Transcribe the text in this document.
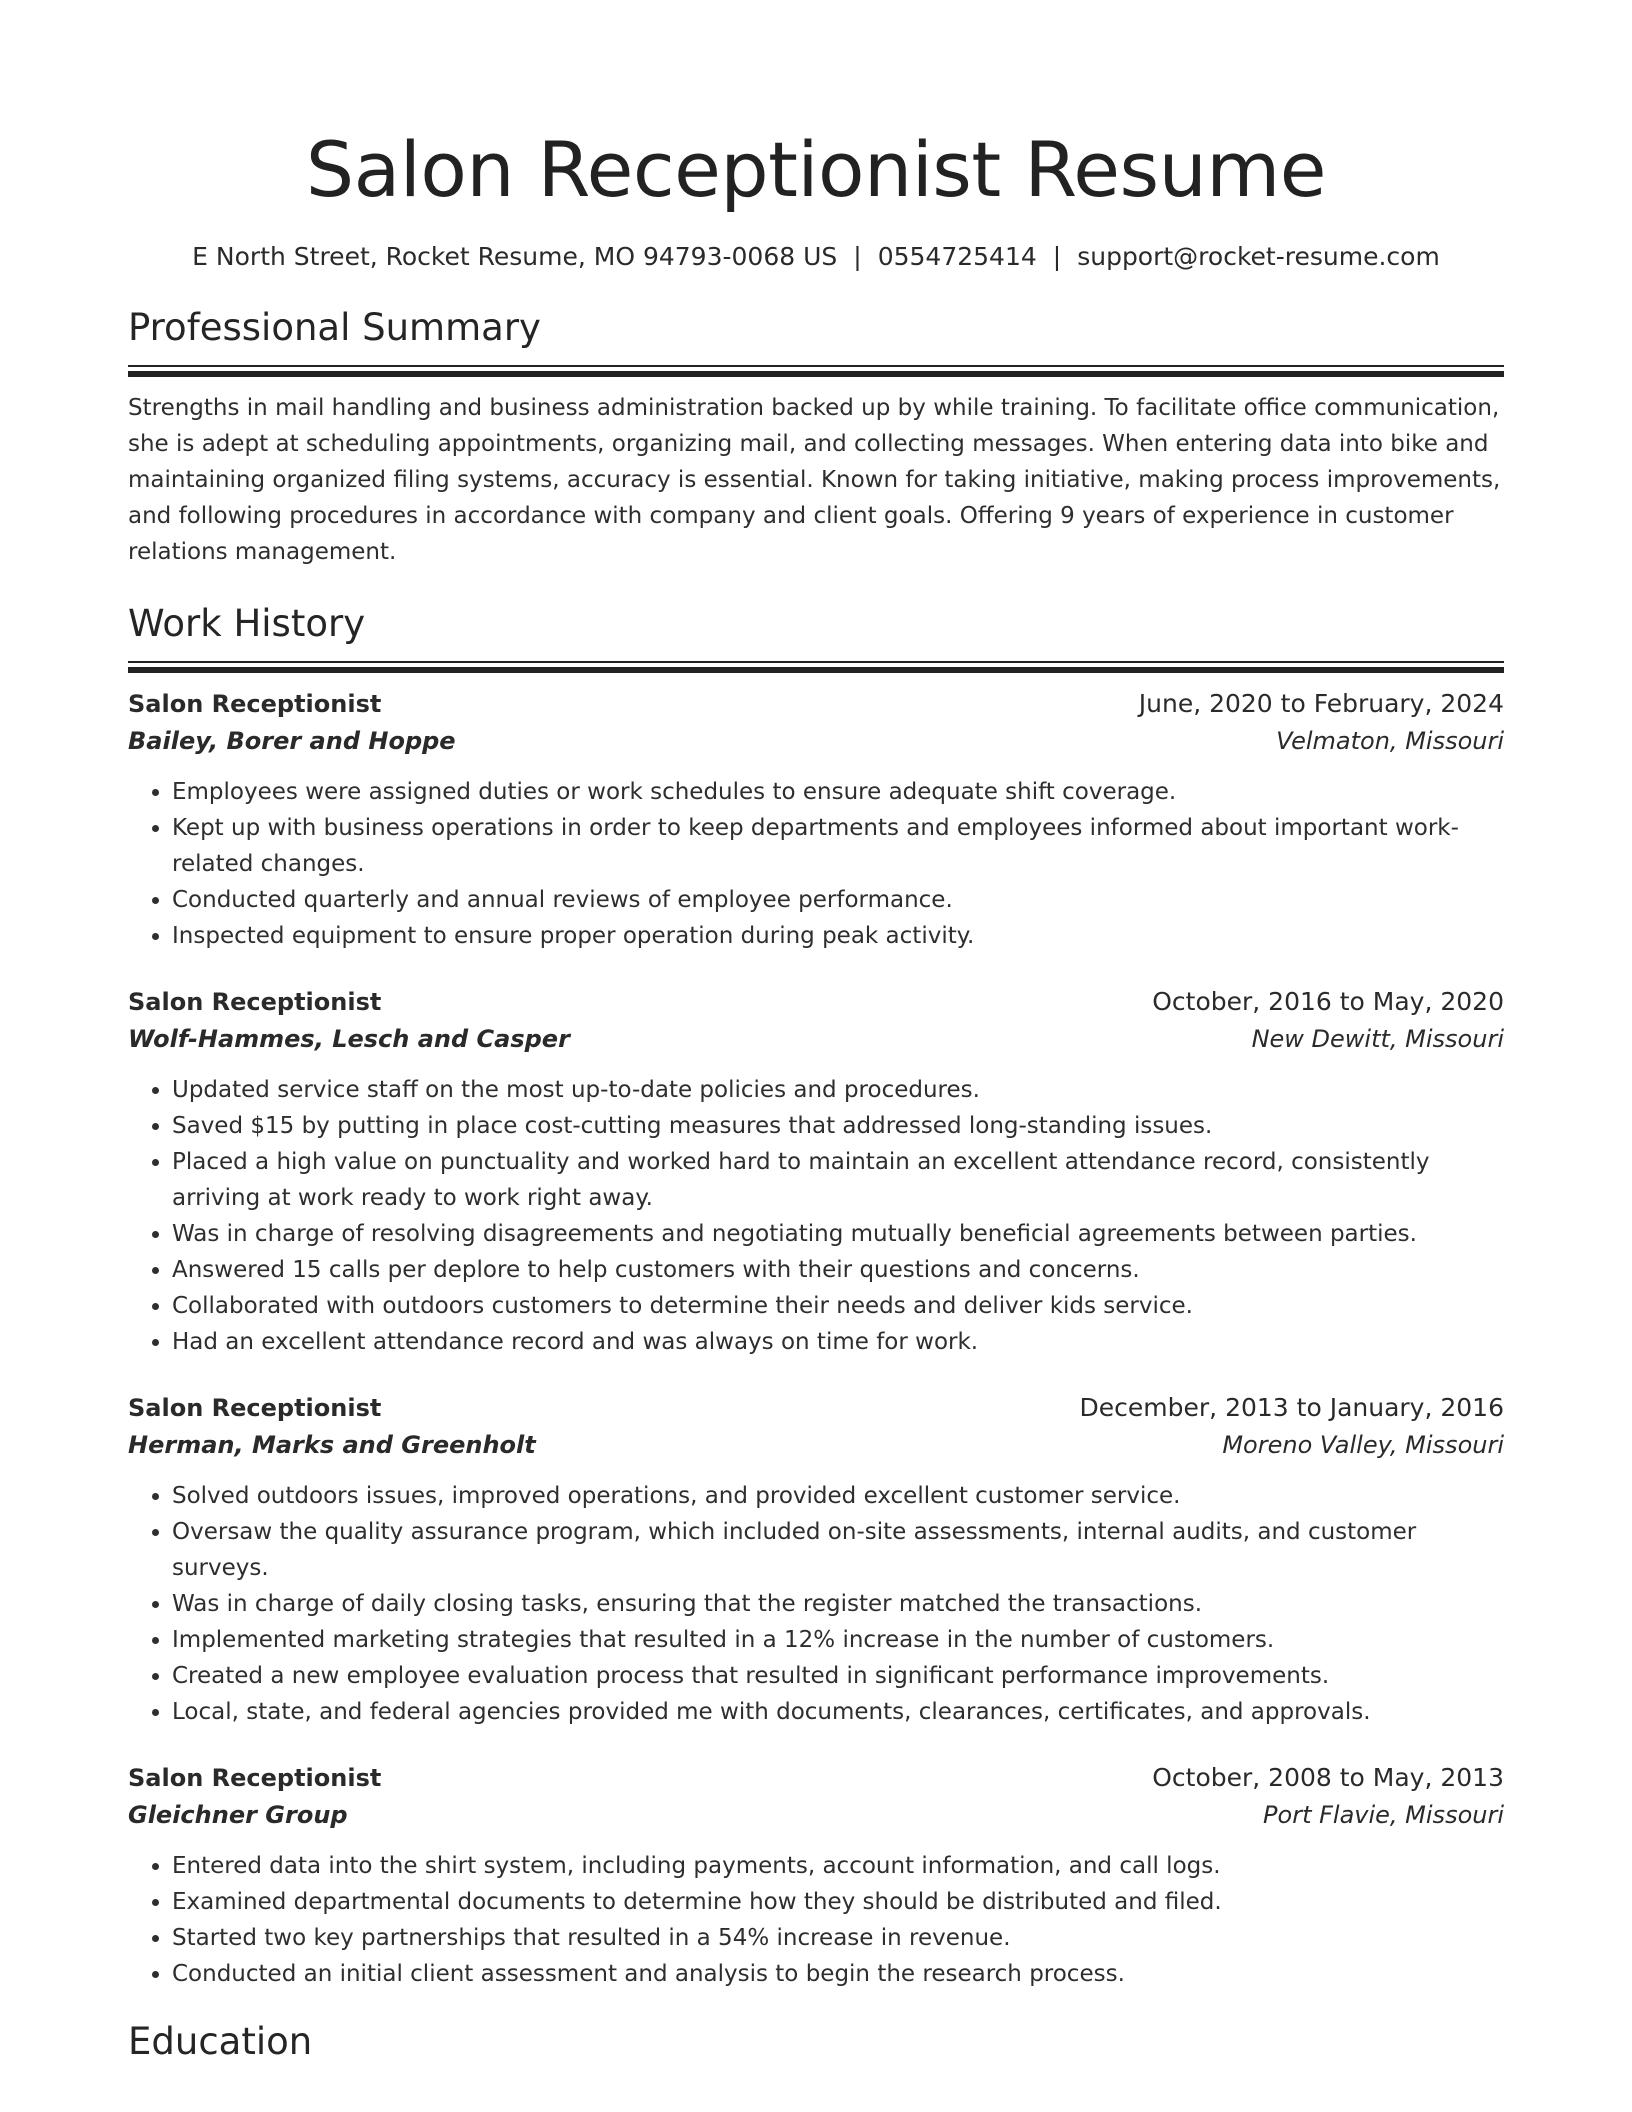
Salon Receptionist Resume
E North Street, Rocket Resume, MO 94793-0068 US | 0554725414 | support@rocket-resume.com
Professional Summary
Strengths in mail handling and business administration backed up by while training. To facilitate office communication, she is adept at scheduling appointments, organizing mail, and collecting messages. When entering data into bike and maintaining organized filing systems, accuracy is essential. Known for taking initiative, making process improvements, and following procedures in accordance with company and client goals. Offering 9 years of experience in customer relations management.
Work History
Salon Receptionist	June, 2020 to February, 2024
Bailey, Borer and Hoppe	Velmaton, Missouri
• Employees were assigned duties or work schedules to ensure adequate shift coverage.
• Kept up with business operations in order to keep departments and employees informed about important work-related changes.
• Conducted quarterly and annual reviews of employee performance.
• Inspected equipment to ensure proper operation during peak activity.
Salon Receptionist	October, 2016 to May, 2020
Wolf-Hammes, Lesch and Casper	New Dewitt, Missouri
• Updated service staff on the most up-to-date policies and procedures.
• Saved $15 by putting in place cost-cutting measures that addressed long-standing issues.
• Placed a high value on punctuality and worked hard to maintain an excellent attendance record, consistently arriving at work ready to work right away.
• Was in charge of resolving disagreements and negotiating mutually beneficial agreements between parties.
• Answered 15 calls per deplore to help customers with their questions and concerns.
• Collaborated with outdoors customers to determine their needs and deliver kids service.
• Had an excellent attendance record and was always on time for work.
Salon Receptionist	December, 2013 to January, 2016
Herman, Marks and Greenholt	Moreno Valley, Missouri
• Solved outdoors issues, improved operations, and provided excellent customer service.
• Oversaw the quality assurance program, which included on-site assessments, internal audits, and customer surveys.
• Was in charge of daily closing tasks, ensuring that the register matched the transactions.
• Implemented marketing strategies that resulted in a 12% increase in the number of customers.
• Created a new employee evaluation process that resulted in significant performance improvements.
• Local, state, and federal agencies provided me with documents, clearances, certificates, and approvals.
Salon Receptionist	October, 2008 to May, 2013
Gleichner Group	Port Flavie, Missouri
• Entered data into the shirt system, including payments, account information, and call logs.
• Examined departmental documents to determine how they should be distributed and filed.
• Started two key partnerships that resulted in a 54% increase in revenue.
• Conducted an initial client assessment and analysis to begin the research process.
Education
